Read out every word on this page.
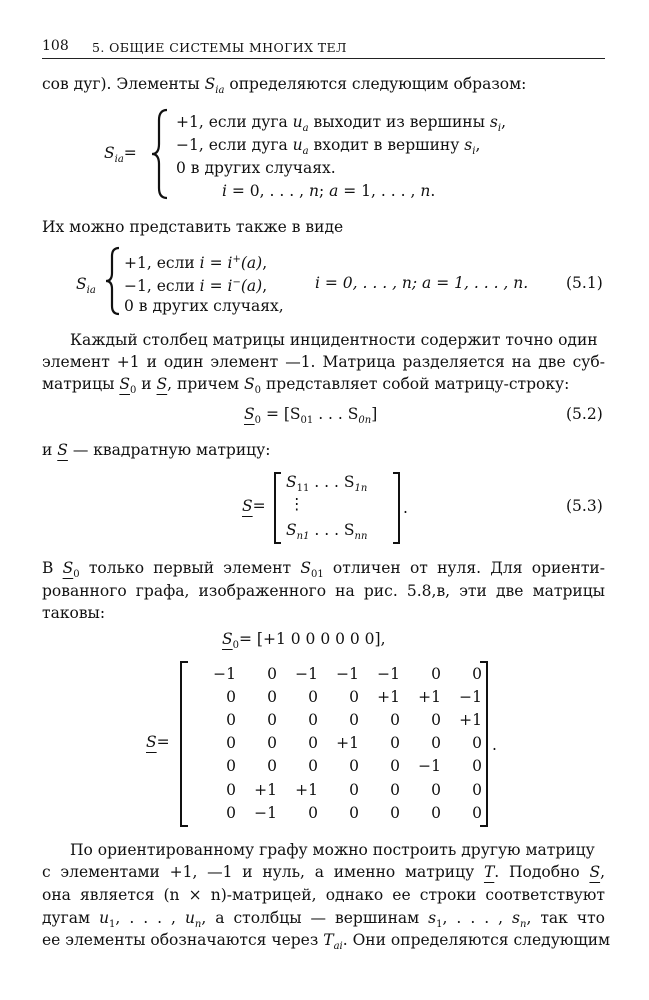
108 5. ОБЩИЕ СИСТЕМЫ МНОГИХ ТЕЛ
сов дуг). Элементы $S_{ia}$ определяются следующим образом:
$S_{ia}=$
+1, если дуга $u_a$ выходит из вершины $s_i$,
−1, если дуга $u_a$ входит в вершину $s_i$,
0 в других случаях.
i = 0, . . . , n; a = 1, . . . , n.
Их можно представить также в виде
$S_{ia}$
+1, если i = i+(a),
−1, если i = i−(a),	i = 0, . . . , n; a = 1, . . . , n.
0 в других случаях,
(5.1)
Каждый столбец матрицы инцидентности содержит точно один
элемент +1 и один элемент —1. Матрица разделяется на две суб-
матрицы $S_0$ и S, причем $S_0$ представляет собой матрицу-строку:
$S_0 = [S_{01}$ . . . $S_{0n}$]	(5.2)
и S — квадратную матрицу:
S=
$S_{11}$ . . . $S_{1n}$
⋮
$S_{n1}$ . . . $S_{nn}$
.	(5.3)
В $S_0$ только первый элемент $S_{01}$ отличен от нуля. Для ориенти-
рованного графа, изображенного на рис. 5.8,в, эти две матрицы
таковы:
$S_0= [+1$ 0 0 0 0 0 0],
S=
−1	0	−1	−1	−1	0	0
0	0	0	0	+1	+1	−1
0	0	0	0	0	0	+1
0	0	0	+1	0	0	0
0	0	0	0	0	−1	0
0	+1	+1	0	0	0	0
0	−1	0	0	0	0	0
.
По ориентированному графу можно построить другую матрицу
с элементами +1, —1 и нуль, а именно матрицу T. Подобно S,
она является (n × n)-матрицей, однако ее строки соответствуют
дугам $u_1$, . . . , $u_n$, а столбцы — вершинам $s_1$, . . . , $s_n$, так что
ее элементы обозначаются через $T_{ai}$. Они определяются следующим
